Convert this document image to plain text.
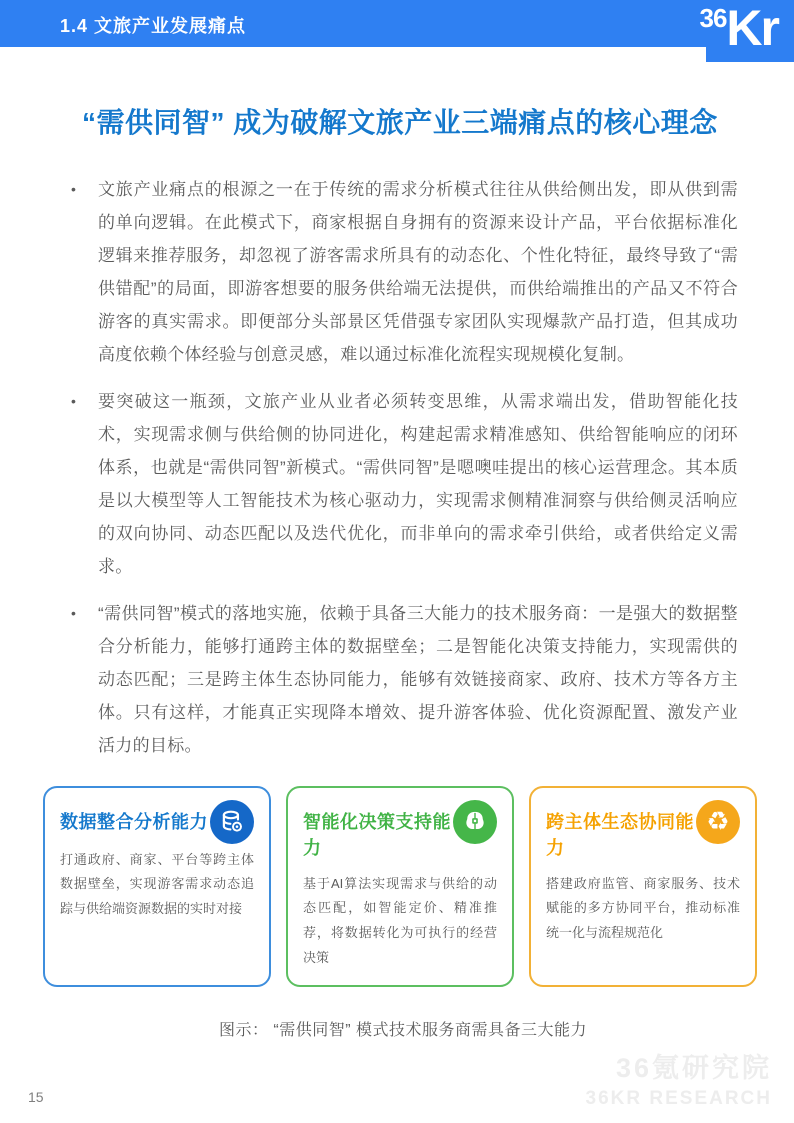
1.4 文旅产业发展痛点	36 Kr
“需供同智” 成为破解文旅产业三端痛点的核心理念
•	文旅产业痛点的根源之一在于传统的需求分析模式往往从供给侧出发，即从供到需的单向逻辑。在此模式下，商家根据自身拥有的资源来设计产品，平台依据标准化逻辑来推荐服务，却忽视了游客需求所具有的动态化、个性化特征，最终导致了“需供错配”的局面，即游客想要的服务供给端无法提供，而供给端推出的产品又不符合游客的真实需求。即便部分头部景区凭借强专家团队实现爆款产品打造，但其成功高度依赖个体经验与创意灵感，难以通过标准化流程实现规模化复制。

•	要突破这一瓶颈，文旅产业从业者必须转变思维，从需求端出发，借助智能化技术，实现需求侧与供给侧的协同进化，构建起需求精准感知、供给智能响应的闭环体系，也就是“需供同智”新模式。“需供同智”是嗯噢哇提出的核心运营理念。其本质是以大模型等人工智能技术为核心驱动力，实现需求侧精准洞察与供给侧灵活响应的双向协同、动态匹配以及迭代优化，而非单向的需求牵引供给，或者供给定义需求。

•	“需供同智”模式的落地实施，依赖于具备三大能力的技术服务商：一是强大的数据整合分析能力，能够打通跨主体的数据壁垒；二是智能化决策支持能力，实现需供的动态匹配；三是跨主体生态协同能力，能够有效链接商家、政府、技术方等各方主体。只有这样，才能真正实现降本增效、提升游客体验、优化资源配置、激发产业活力的目标。

数据整合分析能力

打通政府、商家、平台等跨主体数据壁垒，实现游客需求动态追踪与供给端资源数据的实时对接

智能化决策支持能力

基于AI算法实现需求与供给的动态匹配，如智能定价、精准推荐，将数据转化为可执行的经营决策

跨主体生态协同能力
♻

搭建政府监管、商家服务、技术赋能的多方协同平台，推动标准统一化与流程规范化

图示： “需供同智” 模式技术服务商需具备三大能力

36氪研究院
36KR RESEARCH
15
